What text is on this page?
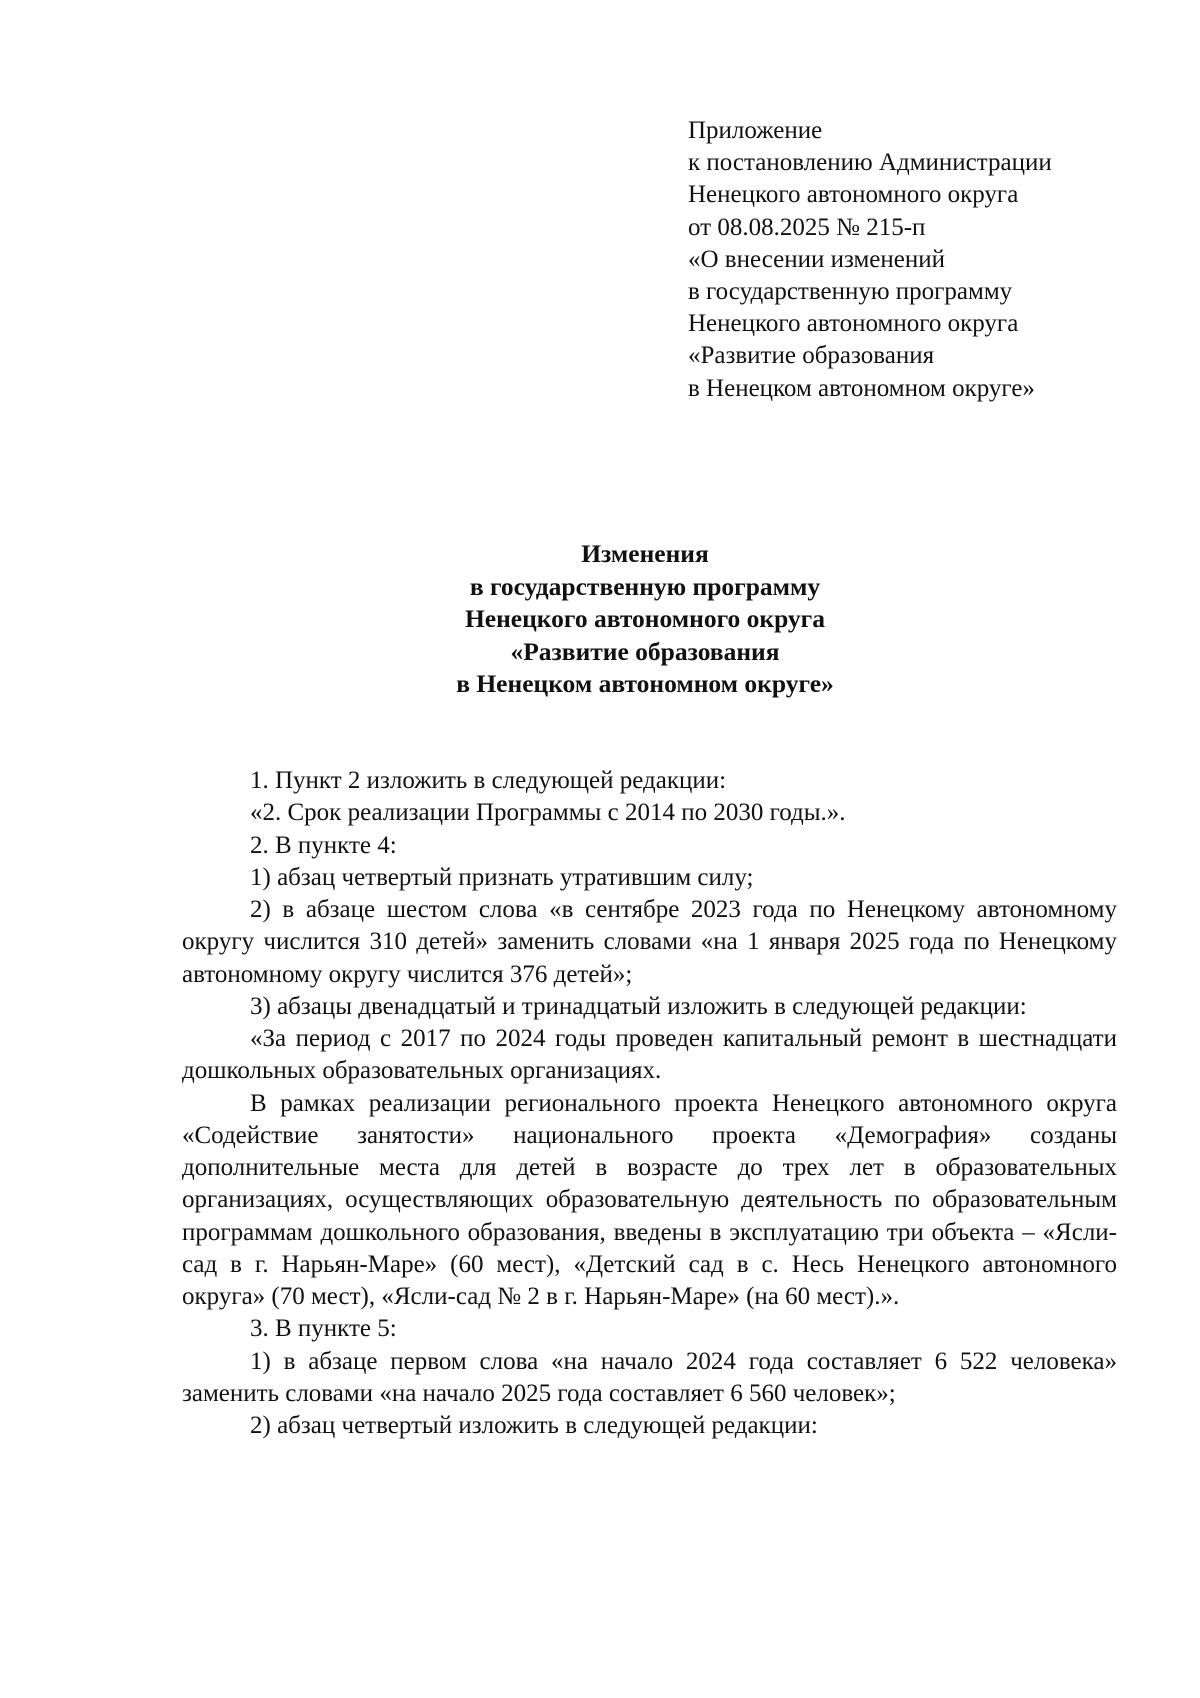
Приложение
к постановлению Администрации
Ненецкого автономного округа
от 08.08.2025 № 215-п
«О внесении изменений
в государственную программу
Ненецкого автономного округа
«Развитие образования
в Ненецком автономном округе»
Изменения
в государственную программу
Ненецкого автономного округа
«Развитие образования
в Ненецком автономном округе»

1. Пункт 2 изложить в следующей редакции:

«2. Срок реализации Программы с 2014 по 2030 годы.».

2. В пункте 4:

1) абзац четвертый признать утратившим силу;

2) в абзаце шестом слова «в сентябре 2023 года по Ненецкому автономному округу числится 310 детей» заменить словами «на 1 января 2025 года по Ненецкому автономному округу числится 376 детей»;

3) абзацы двенадцатый и тринадцатый изложить в следующей редакции:

«За период с 2017 по 2024 годы проведен капитальный ремонт в шестнадцати дошкольных образовательных организациях.

В рамках реализации регионального проекта Ненецкого автономного округа «Содействие занятости» национального проекта «Демография» созданы дополнительные места для детей в возрасте до трех лет в образовательных организациях, осуществляющих образовательную деятельность по образовательным программам дошкольного образования, введены в эксплуатацию три объекта – «Ясли-сад в г. Нарьян-Маре» (60 мест), «Детский сад в с. Несь Ненецкого автономного округа» (70 мест), «Ясли-сад № 2 в г. Нарьян-Маре» (на 60 мест).».

3. В пункте 5:

1) в абзаце первом слова «на начало 2024 года составляет 6 522 человека» заменить словами «на начало 2025 года составляет 6 560 человек»;

2) абзац четвертый изложить в следующей редакции:
